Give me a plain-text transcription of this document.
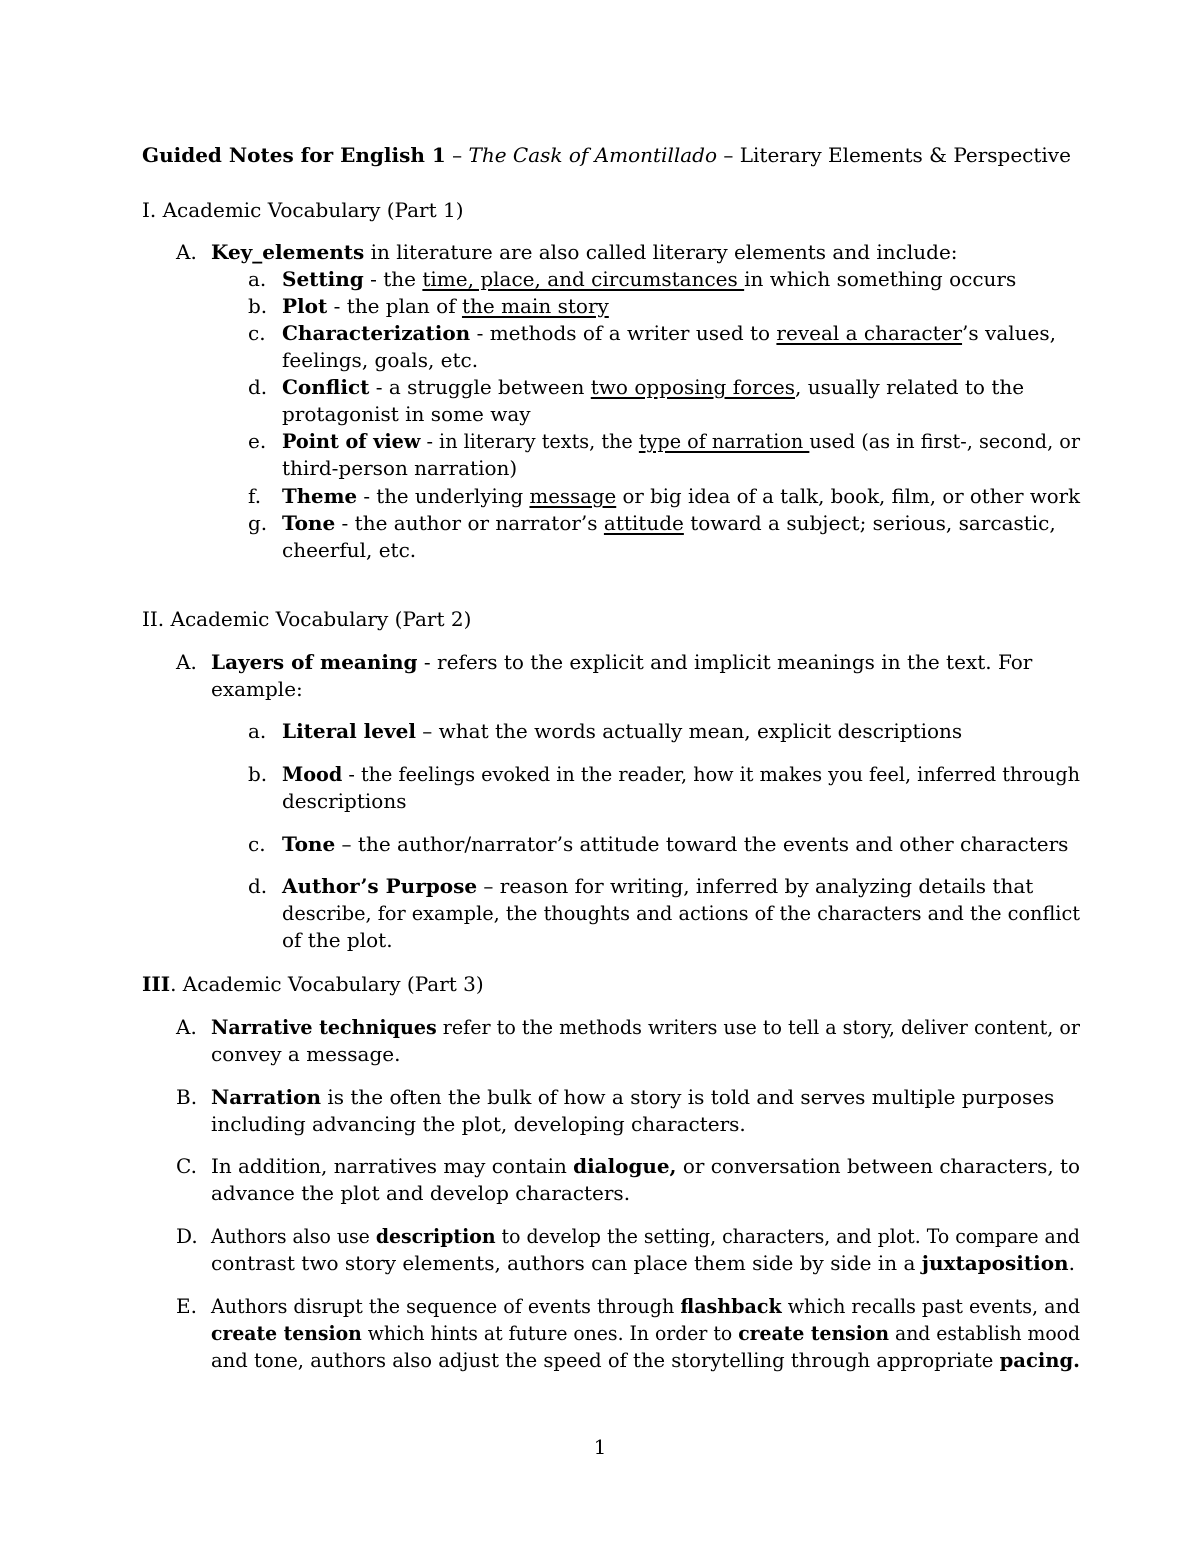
Guided Notes for English 1 – The Cask of Amontillado – Literary Elements & Perspective
I. Academic Vocabulary (Part 1)
A. Key_elements in literature are also called literary elements and include:
a. Setting - the time, place, and circumstances in which something occurs
b. Plot - the plan of the main story
c. Characterization - methods of a writer used to reveal a character’s values,
feelings, goals, etc.
d. Conflict - a struggle between two opposing forces, usually related to the
protagonist in some way
e. Point of view - in literary texts, the type of narration used (as in first-, second, or
third-person narration)
f. Theme - the underlying message or big idea of a talk, book, film, or other work
g. Tone - the author or narrator’s attitude toward a subject; serious, sarcastic,
cheerful, etc.
II. Academic Vocabulary (Part 2)
A. Layers of meaning - refers to the explicit and implicit meanings in the text. For
example:
a. Literal level – what the words actually mean, explicit descriptions
b. Mood - the feelings evoked in the reader, how it makes you feel, inferred through
descriptions
c. Tone – the author/narrator’s attitude toward the events and other characters
d. Author’s Purpose – reason for writing, inferred by analyzing details that
describe, for example, the thoughts and actions of the characters and the conflict
of the plot.
III. Academic Vocabulary (Part 3)
A. Narrative techniques refer to the methods writers use to tell a story, deliver content, or
convey a message.
B. Narration is the often the bulk of how a story is told and serves multiple purposes
including advancing the plot, developing characters.
C. In addition, narratives may contain dialogue, or conversation between characters, to
advance the plot and develop characters.
D. Authors also use description to develop the setting, characters, and plot. To compare and
contrast two story elements, authors can place them side by side in a juxtaposition.
E. Authors disrupt the sequence of events through flashback which recalls past events, and
create tension which hints at future ones. In order to create tension and establish mood
and tone, authors also adjust the speed of the storytelling through appropriate pacing.
1
